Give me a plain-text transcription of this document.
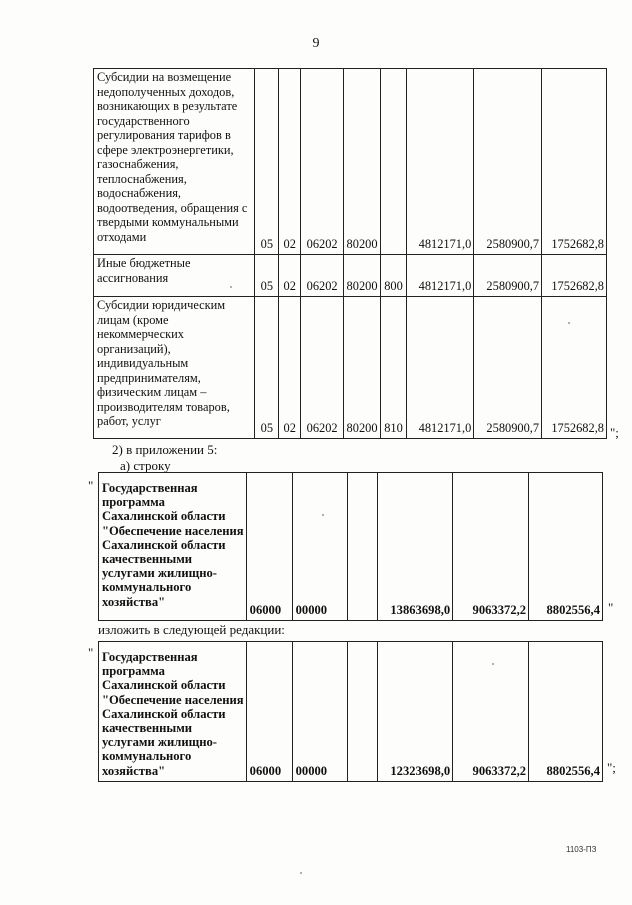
9
Субсидии на возмещение недополученных доходов, возникающих в результате государственного регулирования тарифов в сфере электроэнергетики, газоснабжения, теплоснабжения, водоснабжения, водоотведения, обращения с твердыми коммунальными отходами	05	02	06202	80200		4812171,0	2580900,7	1752682,8
Иные бюджетные ассигнования	05	02	06202	80200	800	4812171,0	2580900,7	1752682,8
Субсидии юридическим лицам (кроме некоммерческих организаций), индивидуальным предпринимателям, физическим лицам – производителям товаров, работ, услуг	05	02	06202	80200	810	4812171,0	2580900,7	1752682,8 ";
2) в приложении 5:
а) строку
" Государственная программа Сахалинской области "Обеспечение населения Сахалинской области качественными услугами жилищно-коммунального хозяйства"	06000	00000		13863698,0	9063372,2	8802556,4 "
изложить в следующей редакции:
" Государственная программа Сахалинской области "Обеспечение населения Сахалинской области качественными услугами жилищно-коммунального хозяйства"	06000	00000		12323698,0	9063372,2	8802556,4 ";
1103-ПЗ
